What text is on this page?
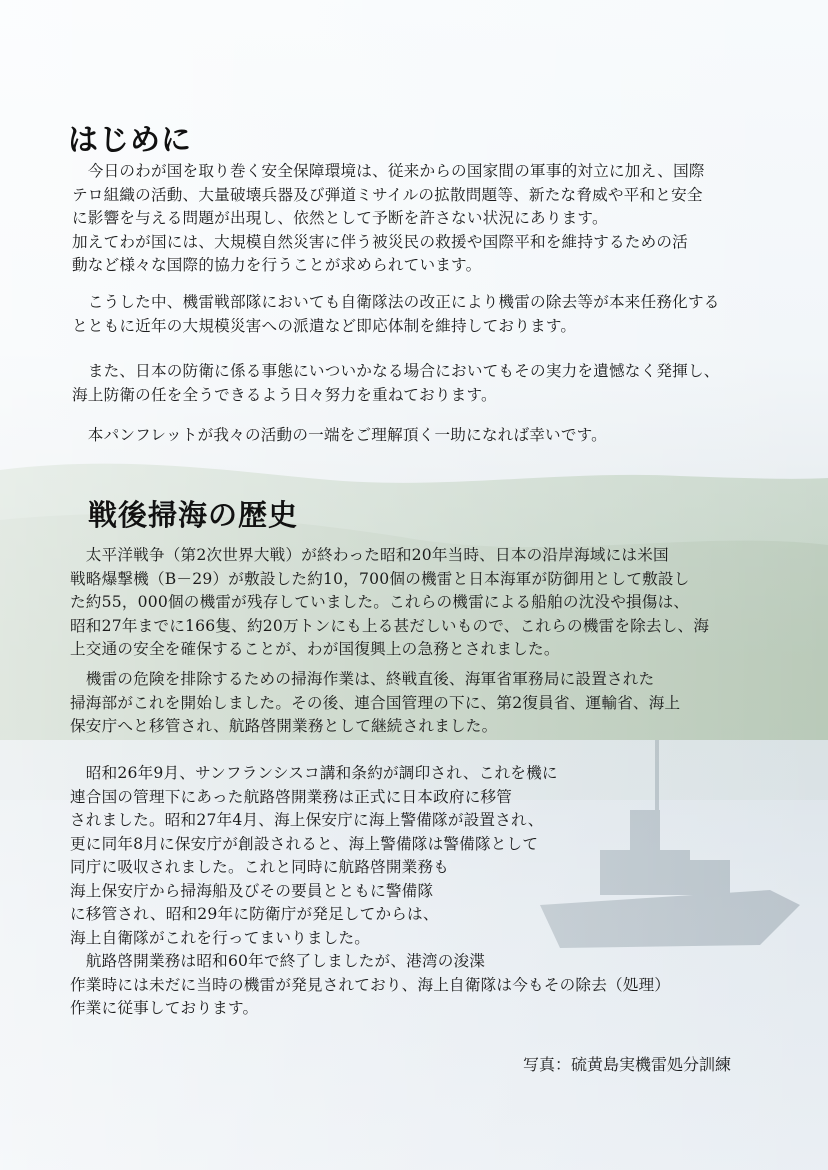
はじめに

　今日のわが国を取り巻く安全保障環境は、従来からの国家間の軍事的対立に加え、国際
テロ組織の活動、大量破壊兵器及び弾道ミサイルの拡散問題等、新たな脅威や平和と安全
に影響を与える問題が出現し、依然として予断を許さない状況にあります。
加えてわが国には、大規模自然災害に伴う被災民の救援や国際平和を維持するための活
動など様々な国際的協力を行うことが求められています。

　こうした中、機雷戦部隊においても自衛隊法の改正により機雷の除去等が本来任務化する
とともに近年の大規模災害への派遣など即応体制を維持しております。

　また、日本の防衛に係る事態にいついかなる場合においてもその実力を遺憾なく発揮し、
海上防衛の任を全うできるよう日々努力を重ねております。

　本パンフレットが我々の活動の一端をご理解頂く一助になれば幸いです。

戦後掃海の歴史

　太平洋戦争（第2次世界大戦）が終わった昭和20年当時、日本の沿岸海域には米国
戦略爆撃機（B－29）が敷設した約10，700個の機雷と日本海軍が防御用として敷設し
た約55，000個の機雷が残存していました。これらの機雷による船舶の沈没や損傷は、
昭和27年までに166隻、約20万トンにも上る甚だしいもので、これらの機雷を除去し、海
上交通の安全を確保することが、わが国復興上の急務とされました。

　機雷の危険を排除するための掃海作業は、終戦直後、海軍省軍務局に設置された
掃海部がこれを開始しました。その後、連合国管理の下に、第2復員省、運輸省、海上
保安庁へと移管され、航路啓開業務として継続されました。

　昭和26年9月、サンフランシスコ講和条約が調印され、これを機に
連合国の管理下にあった航路啓開業務は正式に日本政府に移管
されました。昭和27年4月、海上保安庁に海上警備隊が設置され、
更に同年8月に保安庁が創設されると、海上警備隊は警備隊として
同庁に吸収されました。これと同時に航路啓開業務も
海上保安庁から掃海船及びその要員とともに警備隊
に移管され、昭和29年に防衛庁が発足してからは、
海上自衛隊がこれを行ってまいりました。
　航路啓開業務は昭和60年で終了しましたが、港湾の浚渫
作業時には未だに当時の機雷が発見されており、海上自衛隊は今もその除去（処理）
作業に従事しております。

写真：硫黄島実機雷処分訓練
